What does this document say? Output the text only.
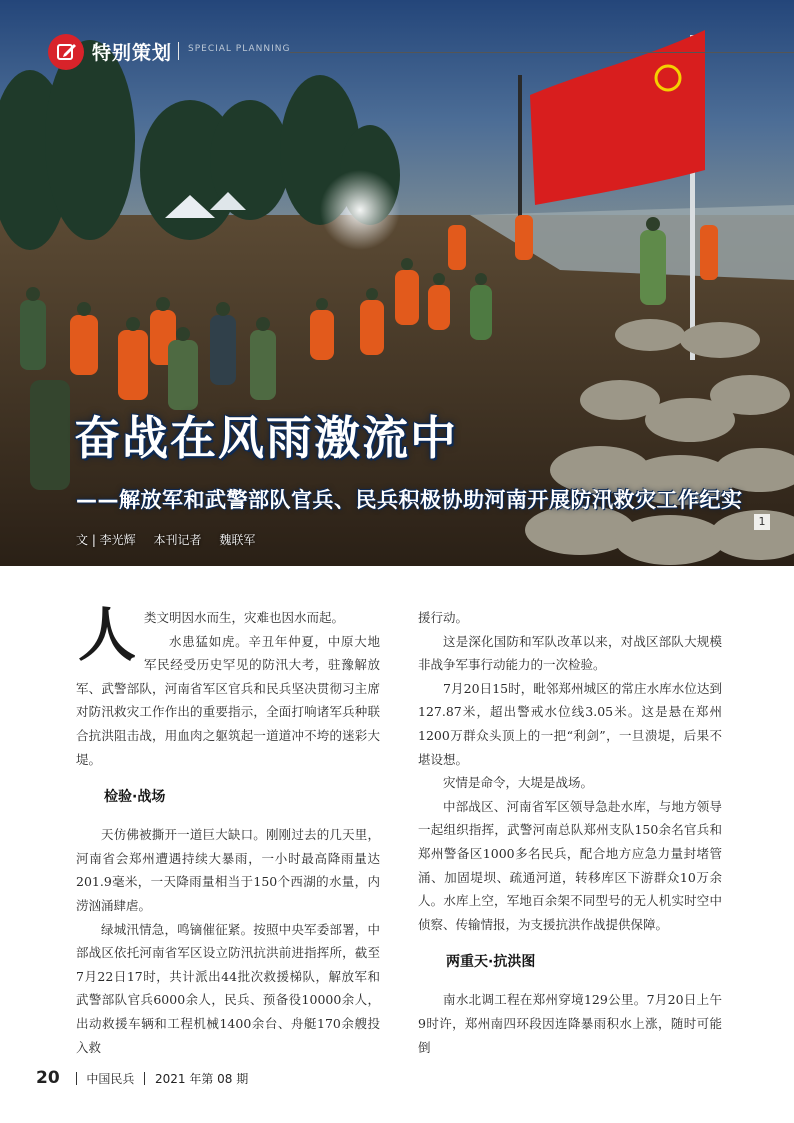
特别策划 SPECIAL PLANNING
奋战在风雨激流中
——解放军和武警部队官兵、民兵积极协助河南开展防汛救灾工作纪实
文 | 李光辉 本刊记者 魏联军
1
人 类文明因水而生，灾难也因水而起。

水患猛如虎。辛丑年仲夏，中原大地军民经受历史罕见的防汛大考，驻豫解放军、武警部队，河南省军区官兵和民兵坚决贯彻习主席对防汛救灾工作作出的重要指示，全面打响诸军兵种联合抗洪阻击战，用血肉之躯筑起一道道冲不垮的迷彩大堤。

检验·战场

天仿佛被撕开一道巨大缺口。刚刚过去的几天里，河南省会郑州遭遇持续大暴雨，一小时最高降雨量达201.9毫米，一天降雨量相当于150个西湖的水量，内涝汹涌肆虐。

绿城汛情急，鸣镝催征紧。按照中央军委部署，中部战区依托河南省军区设立防汛抗洪前进指挥所，截至7月22日17时，共计派出44批次救援梯队，解放军和武警部队官兵6000余人，民兵、预备役10000余人，出动救援车辆和工程机械1400余台、舟艇170余艘投入救

援行动。

这是深化国防和军队改革以来，对战区部队大规模非战争军事行动能力的一次检验。

7月20日15时，毗邻郑州城区的常庄水库水位达到127.87米，超出警戒水位线3.05米。这是悬在郑州1200万群众头顶上的一把“利剑”，一旦溃堤，后果不堪设想。

灾情是命令，大堤是战场。

中部战区、河南省军区领导急赴水库，与地方领导一起组织指挥，武警河南总队郑州支队150余名官兵和郑州警备区1000多名民兵，配合地方应急力量封堵管涌、加固堤坝、疏通河道，转移库区下游群众10万余人。水库上空，军地百余架不同型号的无人机实时空中侦察、传输情报，为支援抗洪作战提供保障。

两重天·抗洪图

南水北调工程在郑州穿境129公里。7月20日上午9时许，郑州南四环段因连降暴雨积水上涨，随时可能倒

20 中国民兵 2021 年第 08 期
